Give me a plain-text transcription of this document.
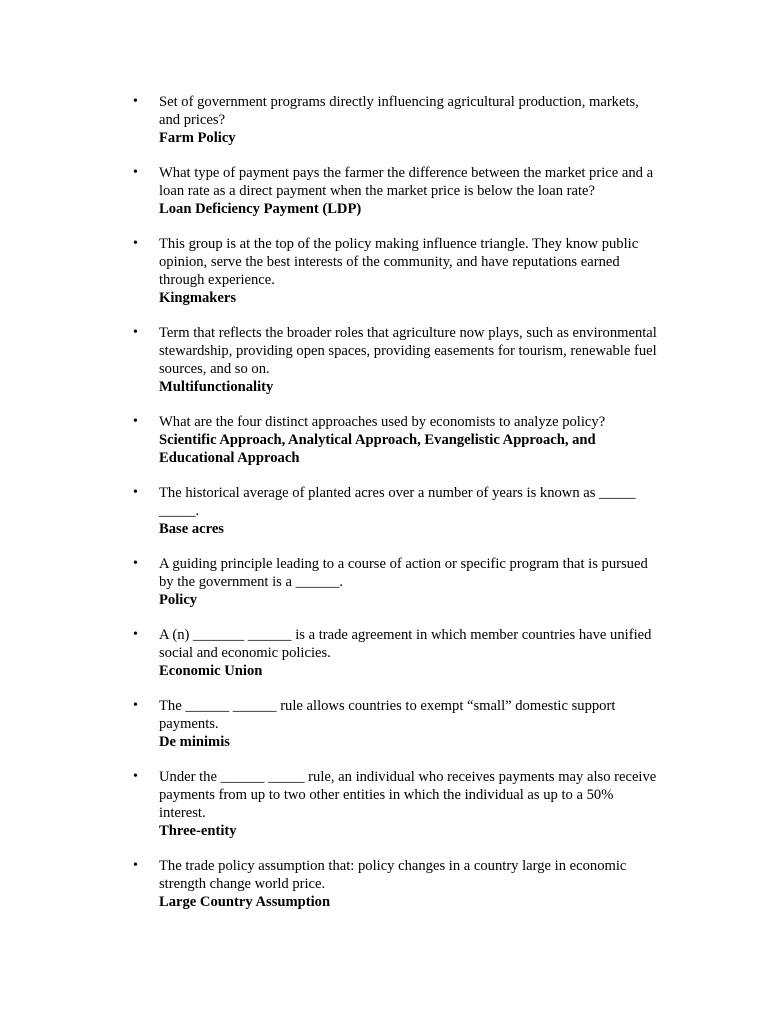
•	Set of government programs directly influencing agricultural production, markets, and prices?
Farm Policy
•	What type of payment pays the farmer the difference between the market price and a loan rate as a direct payment when the market price is below the loan rate?
Loan Deficiency Payment (LDP)
•	This group is at the top of the policy making influence triangle. They know public opinion, serve the best interests of the community, and have reputations earned through experience.
Kingmakers
•	Term that reflects the broader roles that agriculture now plays, such as environmental stewardship, providing open spaces, providing easements for tourism, renewable fuel sources, and so on.
Multifunctionality
•	What are the four distinct approaches used by economists to analyze policy?
Scientific Approach, Analytical Approach, Evangelistic Approach, and Educational Approach
•	The historical average of planted acres over a number of years is known as _____ _____.
Base acres
•	A guiding principle leading to a course of action or specific program that is pursued by the government is a ______.
Policy
•	A (n) _______ ______ is a trade agreement in which member countries have unified social and economic policies.
Economic Union
•	The ______ ______ rule allows countries to exempt “small” domestic support payments.
De minimis
•	Under the ______ _____ rule, an individual who receives payments may also receive payments from up to two other entities in which the individual as up to a 50% interest.
Three-entity
•	The trade policy assumption that: policy changes in a country large in economic strength change world price.
Large Country Assumption
